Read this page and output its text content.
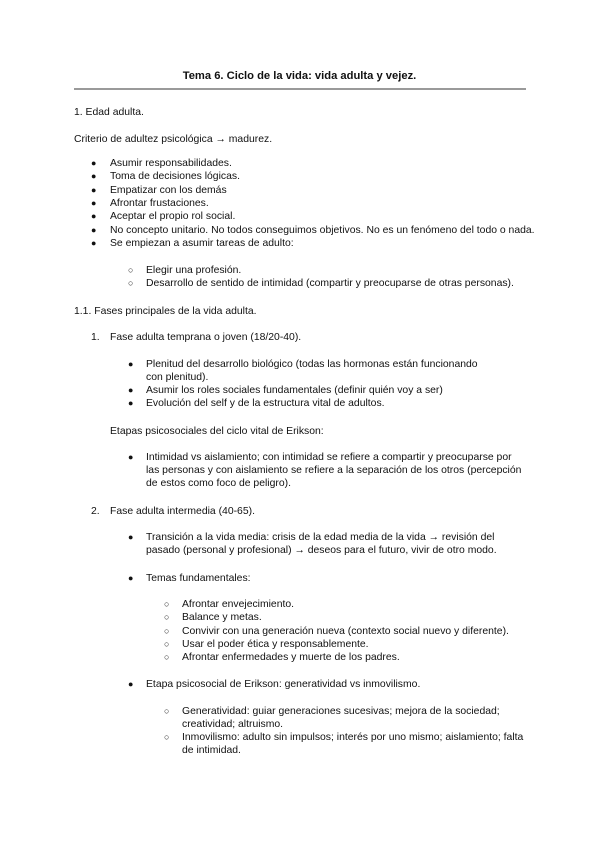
Tema 6. Ciclo de la vida: vida adulta y vejez.
1. Edad adulta.
Criterio de adultez psicológica → madurez.
● Asumir responsabilidades.
● Toma de decisiones lógicas.
● Empatizar con los demás
● Afrontar frustaciones.
● Aceptar el propio rol social.
● No concepto unitario. No todos conseguimos objetivos. No es un fenómeno del todo o nada.
● Se empiezan a asumir tareas de adulto:
○ Elegir una profesión.
○ Desarrollo de sentido de intimidad (compartir y preocuparse de otras personas).
1.1. Fases principales de la vida adulta.
1. Fase adulta temprana o joven (18/20-40).
● Plenitud del desarrollo biológico (todas las hormonas están funcionando con plenitud).
● Asumir los roles sociales fundamentales (definir quién voy a ser)
● Evolución del self y de la estructura vital de adultos.
Etapas psicosociales del ciclo vital de Erikson:
● Intimidad vs aislamiento; con intimidad se refiere a compartir y preocuparse por las personas y con aislamiento se refiere a la separación de los otros (percepción de estos como foco de peligro).
2. Fase adulta intermedia (40-65).
● Transición a la vida media: crisis de la edad media de la vida → revisión del pasado (personal y profesional) → deseos para el futuro, vivir de otro modo.
● Temas fundamentales:
○ Afrontar envejecimiento.
○ Balance y metas.
○ Convivir con una generación nueva (contexto social nuevo y diferente).
○ Usar el poder ética y responsablemente.
○ Afrontar enfermedades y muerte de los padres.
● Etapa psicosocial de Erikson: generatividad vs inmovilismo.
○ Generatividad: guiar generaciones sucesivas; mejora de la sociedad; creatividad; altruismo.
○ Inmovilismo: adulto sin impulsos; interés por uno mismo; aislamiento; falta de intimidad.
